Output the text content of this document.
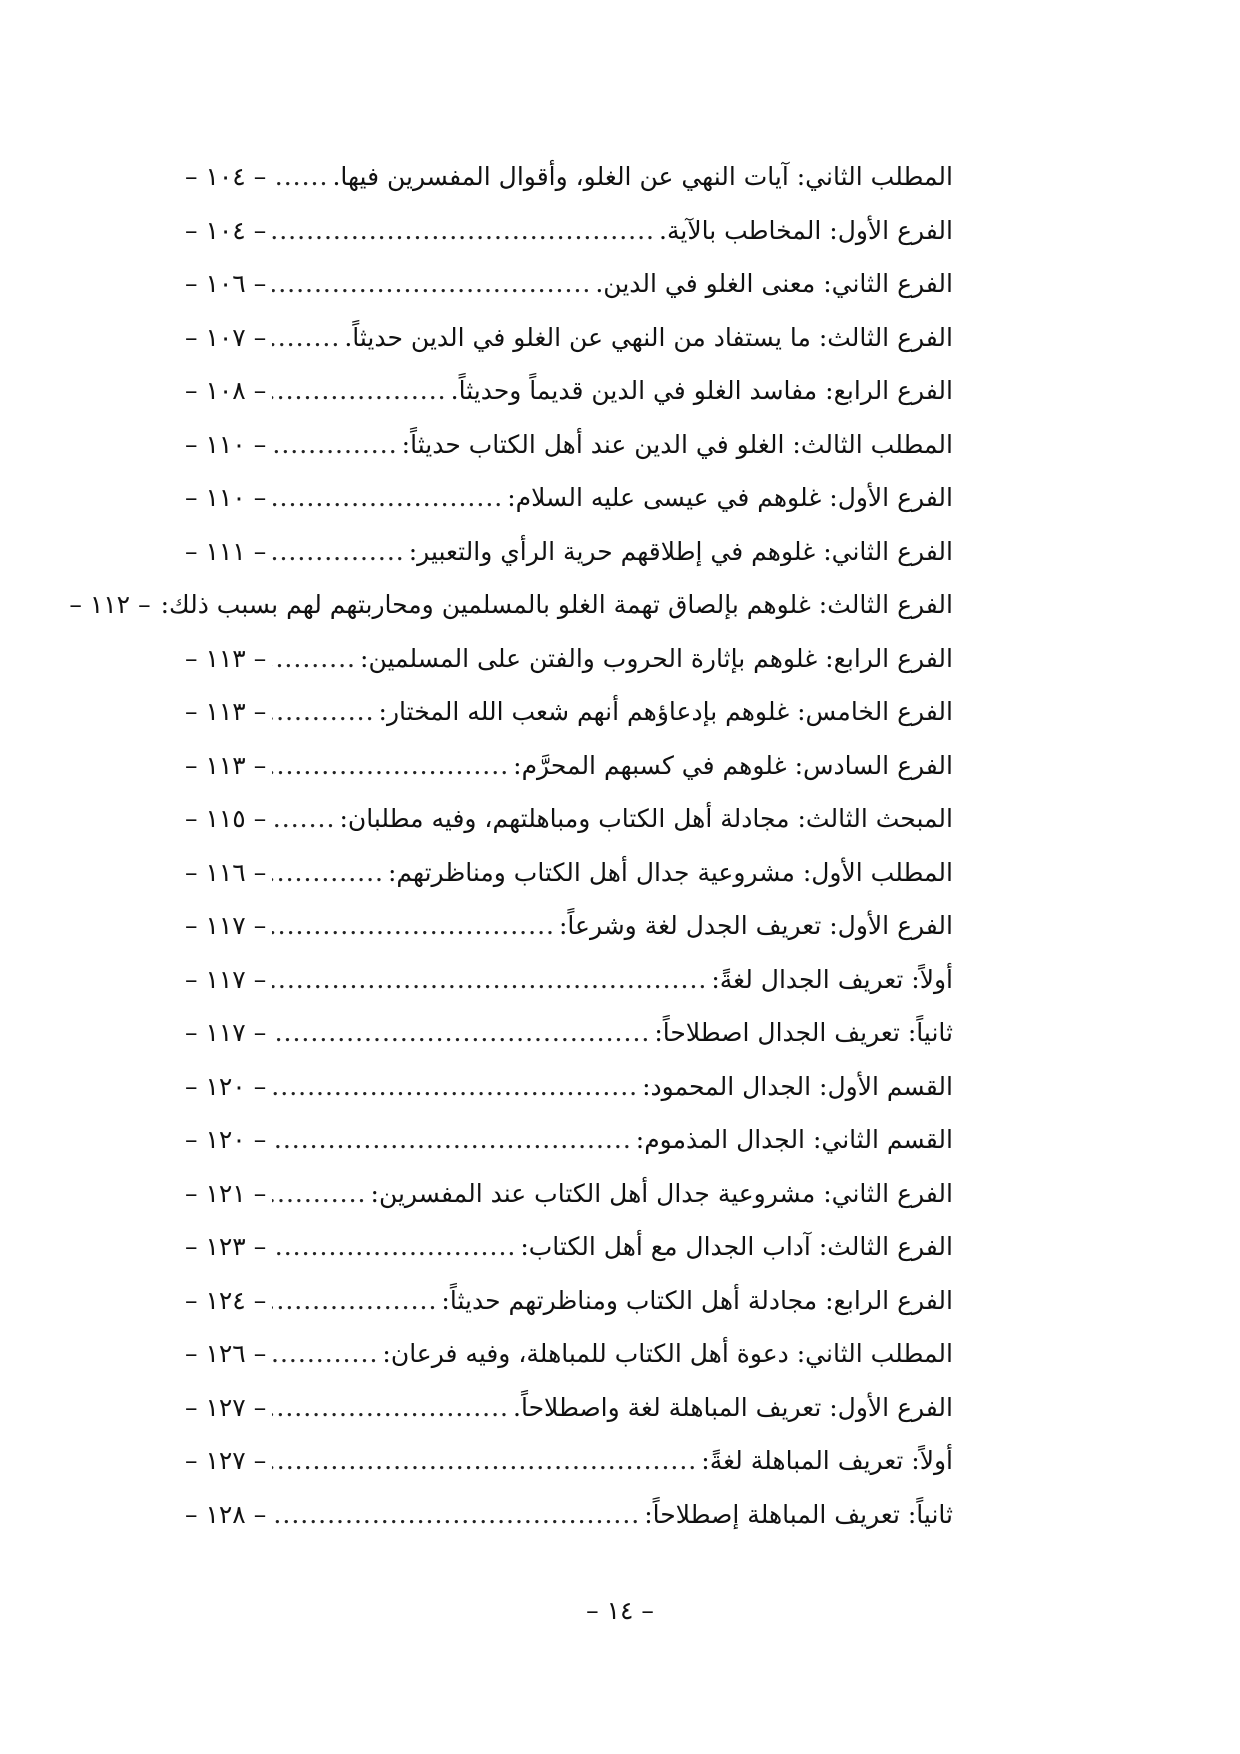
المطلب الثاني: آيات النهي عن الغلو، وأقوال المفسرين فيها.
.....
– ١٠٤ –
الفرع الأول: المخاطب بالآية.
.....
– ١٠٤ –
الفرع الثاني: معنى الغلو في الدين.
.....
– ١٠٦ –
الفرع الثالث: ما يستفاد من النهي عن الغلو في الدين حديثاً.
.....
– ١٠٧ –
الفرع الرابع: مفاسد الغلو في الدين قديماً وحديثاً.
.....
– ١٠٨ –
المطلب الثالث: الغلو في الدين عند أهل الكتاب حديثاً:
.....
– ١١٠ –
الفرع الأول: غلوهم في عيسى عليه السلام:
.....
– ١١٠ –
الفرع الثاني: غلوهم في إطلاقهم حرية الرأي والتعبير:
.....
– ١١١ –
الفرع الثالث: غلوهم بإلصاق تهمة الغلو بالمسلمين ومحاربتهم لهم بسبب ذلك:
– ١١٢ –
الفرع الرابع: غلوهم بإثارة الحروب والفتن على المسلمين:
.....
– ١١٣ –
الفرع الخامس: غلوهم بإدعاؤهم أنهم شعب الله المختار:
.....
– ١١٣ –
الفرع السادس: غلوهم في كسبهم المحرَّم:
.....
– ١١٣ –
المبحث الثالث: مجادلة أهل الكتاب ومباهلتهم، وفيه مطلبان:
.....
– ١١٥ –
المطلب الأول: مشروعية جدال أهل الكتاب ومناظرتهم:
.....
– ١١٦ –
الفرع الأول: تعريف الجدل لغة وشرعاً:
.....
– ١١٧ –
أولاً: تعريف الجدال لغةً:
.....
– ١١٧ –
ثانياً: تعريف الجدال اصطلاحاً:
.....
– ١١٧ –
القسم الأول: الجدال المحمود:
.....
– ١٢٠ –
القسم الثاني: الجدال المذموم:
.....
– ١٢٠ –
الفرع الثاني: مشروعية جدال أهل الكتاب عند المفسرين:
.....
– ١٢١ –
الفرع الثالث: آداب الجدال مع أهل الكتاب:
.....
– ١٢٣ –
الفرع الرابع: مجادلة أهل الكتاب ومناظرتهم حديثاً:
.....
– ١٢٤ –
المطلب الثاني: دعوة أهل الكتاب للمباهلة، وفيه فرعان:
.....
– ١٢٦ –
الفرع الأول: تعريف المباهلة لغة واصطلاحاً.
.....
– ١٢٧ –
أولاً: تعريف المباهلة لغةً:
.....
– ١٢٧ –
ثانياً: تعريف المباهلة إصطلاحاً:
.....
– ١٢٨ –
– ١٤ –
